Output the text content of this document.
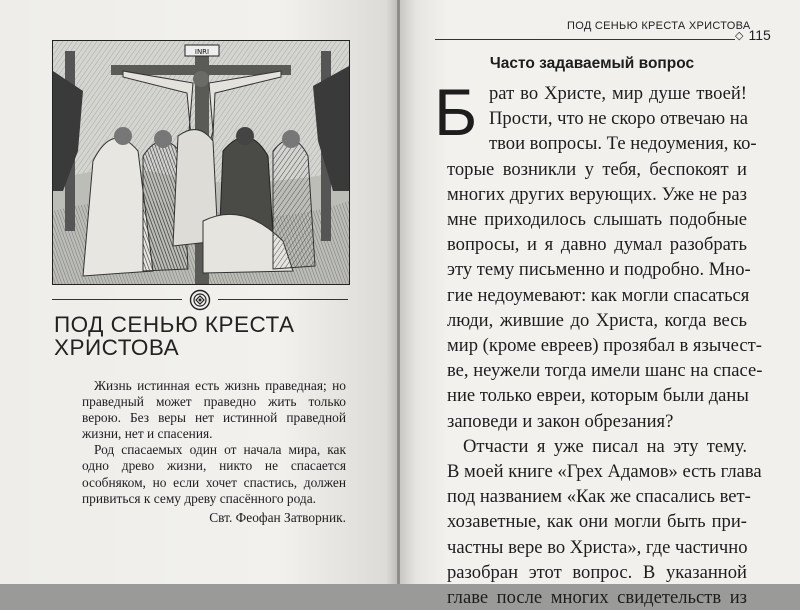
INRI
ПОД СЕНЬЮ КРЕСТА
ХРИСТОВА

Жизнь истинная есть жизнь праведная; но праведный может праведно жить только верою. Без веры нет истинной праведной жизни, нет и спасения.

Род спасаемых один от начала мира, как одно древо жизни, никто не спасается особняком, но если хочет спастись, должен привиться к сему древу спасённого рода.

Свт. Феофан Затворник.

ПОД СЕНЬЮ КРЕСТА ХРИСТОВА
◇ 115
Часто задаваемый вопрос
Б рат во Христе, мир душе твоей!
Прости, что не скоро отвечаю на
твои вопросы. Те недоумения, ко-
торые возникли у тебя, беспокоят и
многих других верующих. Уже не раз
мне приходилось слышать подобные
вопросы, и я давно думал разобрать
эту тему письменно и подробно. Мно-
гие недоумевают: как могли спасаться
люди, жившие до Христа, когда весь
мир (кроме евреев) прозябал в язычест-
ве, неужели тогда имели шанс на спасе-
ние только евреи, которым были даны
заповеди и закон обрезания?

Отчасти я уже писал на эту тему.
В моей книге «Грех Адамов» есть глава
под названием «Как же спасались вет-
хозаветные, как они могли быть при-
частны вере во Христа», где частично
разобран этот вопрос. В указанной
главе после многих свидетельств из
